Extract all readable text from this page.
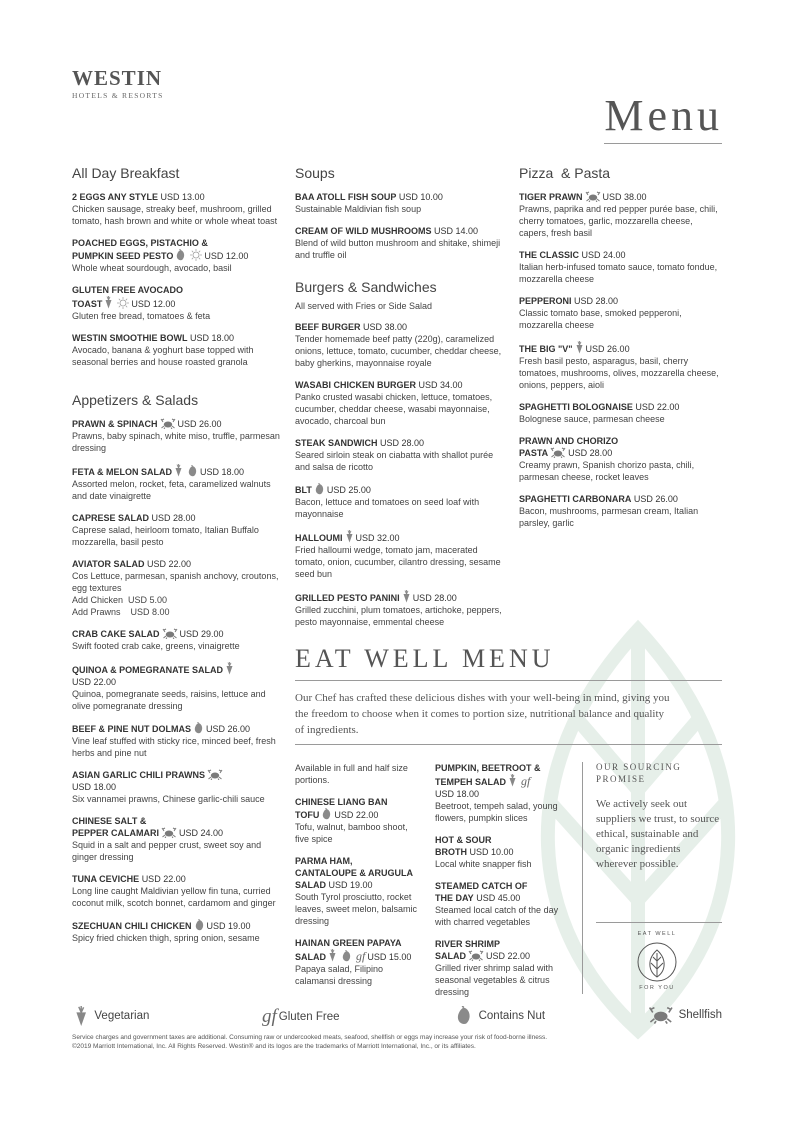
WESTIN
HOTELS & RESORTS	Menu
All Day Breakfast
2 EGGS ANY STYLE USD 13.00
Chicken sausage, streaky beef, mushroom, grilled tomato, hash brown and white or whole wheat toast
POACHED EGGS, PISTACHIO &
PUMPKIN SEED PESTO	USD 12.00
Whole wheat sourdough, avocado, basil
GLUTEN FREE AVOCADO
TOAST	USD 12.00
Gluten free bread, tomatoes & feta
WESTIN SMOOTHIE BOWL USD 18.00
Avocado, banana & yoghurt base topped with seasonal berries and house roasted granola
Appetizers & Salads
PRAWN & SPINACH USD 26.00
Prawns, baby spinach, white miso, truffle, parmesan dressing
FETA & MELON SALAD	USD 18.00
Assorted melon, rocket, feta, caramelized walnuts and date vinaigrette
CAPRESE SALAD USD 28.00
Caprese salad, heirloom tomato, Italian Buffalo mozzarella, basil pesto
AVIATOR SALAD USD 22.00
Cos Lettuce, parmesan, spanish anchovy, croutons, egg textures
Add Chicken  USD 5.00
Add Prawns    USD 8.00
CRAB CAKE SALAD USD 29.00
Swift footed crab cake, greens, vinaigrette
QUINOA & POMEGRANATE SALAD
USD 22.00
Quinoa, pomegranate seeds, raisins, lettuce and olive pomegranate dressing
BEEF & PINE NUT DOLMAS USD 26.00
Vine leaf stuffed with sticky rice, minced beef, fresh herbs and pine nut
ASIAN GARLIC CHILI PRAWNS
USD 18.00
Six vannamei prawns, Chinese garlic-chili sauce
CHINESE SALT &
PEPPER CALAMARI USD 24.00
Squid in a salt and pepper crust, sweet soy and ginger dressing
TUNA CEVICHE USD 22.00
Long line caught Maldivian yellow fin tuna, curried coconut milk, scotch bonnet, cardamom and ginger
SZECHUAN CHILI CHICKEN USD 19.00
Spicy fried chicken thigh, spring onion, sesame
Soups
BAA ATOLL FISH SOUP USD 10.00
Sustainable Maldivian fish soup
CREAM OF WILD MUSHROOMS USD 14.00
Blend of wild button mushroom and shitake, shimeji and truffle oil
Burgers & Sandwiches
All served with Fries or Side Salad
BEEF BURGER USD 38.00
Tender homemade beef patty (220g), caramelized onions, lettuce, tomato, cucumber, cheddar cheese, baby gherkins, mayonnaise royale
WASABI CHICKEN BURGER USD 34.00
Panko crusted wasabi chicken, lettuce, tomatoes, cucumber, cheddar cheese, wasabi mayonnaise, avocado, charcoal bun
STEAK SANDWICH USD 28.00
Seared sirloin steak on ciabatta with shallot purée and salsa de ricotto
BLT USD 25.00
Bacon, lettuce and tomatoes on seed loaf with mayonnaise
HALLOUMI USD 32.00
Fried halloumi wedge, tomato jam, macerated tomato, onion, cucumber, cilantro dressing, sesame seed bun
GRILLED PESTO PANINI USD 28.00
Grilled zucchini, plum tomatoes, artichoke, peppers, pesto mayonnaise, emmental cheese
Pizza  & Pasta
TIGER PRAWN USD 38.00
Prawns, paprika and red pepper purée base, chili, cherry tomatoes, garlic, mozzarella cheese, capers, fresh basil
THE CLASSIC USD 24.00
Italian herb-infused tomato sauce, tomato fondue, mozzarella cheese
PEPPERONI USD 28.00
Classic tomato base, smoked pepperoni, mozzarella cheese
THE BIG "V" USD 26.00
Fresh basil pesto, asparagus, basil, cherry tomatoes, mushrooms, olives, mozzarella cheese, onions, peppers, aioli
SPAGHETTI BOLOGNAISE USD 22.00
Bolognese sauce, parmesan cheese
PRAWN AND CHORIZO
PASTA USD 28.00
Creamy prawn, Spanish chorizo pasta, chili, parmesan cheese, rocket leaves
SPAGHETTI CARBONARA USD 26.00
Bacon, mushrooms, parmesan cream, Italian parsley, garlic
EAT WELL MENU
Our Chef has crafted these delicious dishes with your well-being in mind, giving you the freedom to choose when it comes to portion size, nutritional balance and quality of ingredients.
Available in full and half size portions.
CHINESE LIANG BAN
TOFU USD 22.00
Tofu, walnut, bamboo shoot, five spice
PARMA HAM,
CANTALOUPE & ARUGULA
SALAD USD 19.00
South Tyrol prosciutto, rocket leaves, sweet melon, balsamic dressing
HAINAN GREEN PAPAYA
SALAD	gf USD 15.00
Papaya salad, Filipino calamansi dressing
PUMPKIN, BEETROOT &
TEMPEH SALAD gf
USD 18.00
Beetroot, tempeh salad, young flowers, pumpkin slices
HOT & SOUR
BROTH USD 10.00
Local white snapper fish
STEAMED CATCH OF
THE DAY USD 45.00
Steamed local catch of the day with charred vegetables
RIVER SHRIMP
SALAD USD 22.00
Grilled river shrimp salad with seasonal vegetables & citrus dressing
OUR SOURCING
PROMISE
We actively seek out suppliers we trust, to source ethical, sustainable and organic ingredients wherever possible.
EAT WELL
FOR YOU
Vegetarian	gf Gluten Free	Contains Nut	Shellfish
Service charges and government taxes are additional. Consuming raw or undercooked meats, seafood, shellfish or eggs may increase your risk of food-borne illness.
©2019 Marriott International, Inc. All Rights Reserved. Westin® and its logos are the trademarks of Marriott International, Inc., or its affiliates.
